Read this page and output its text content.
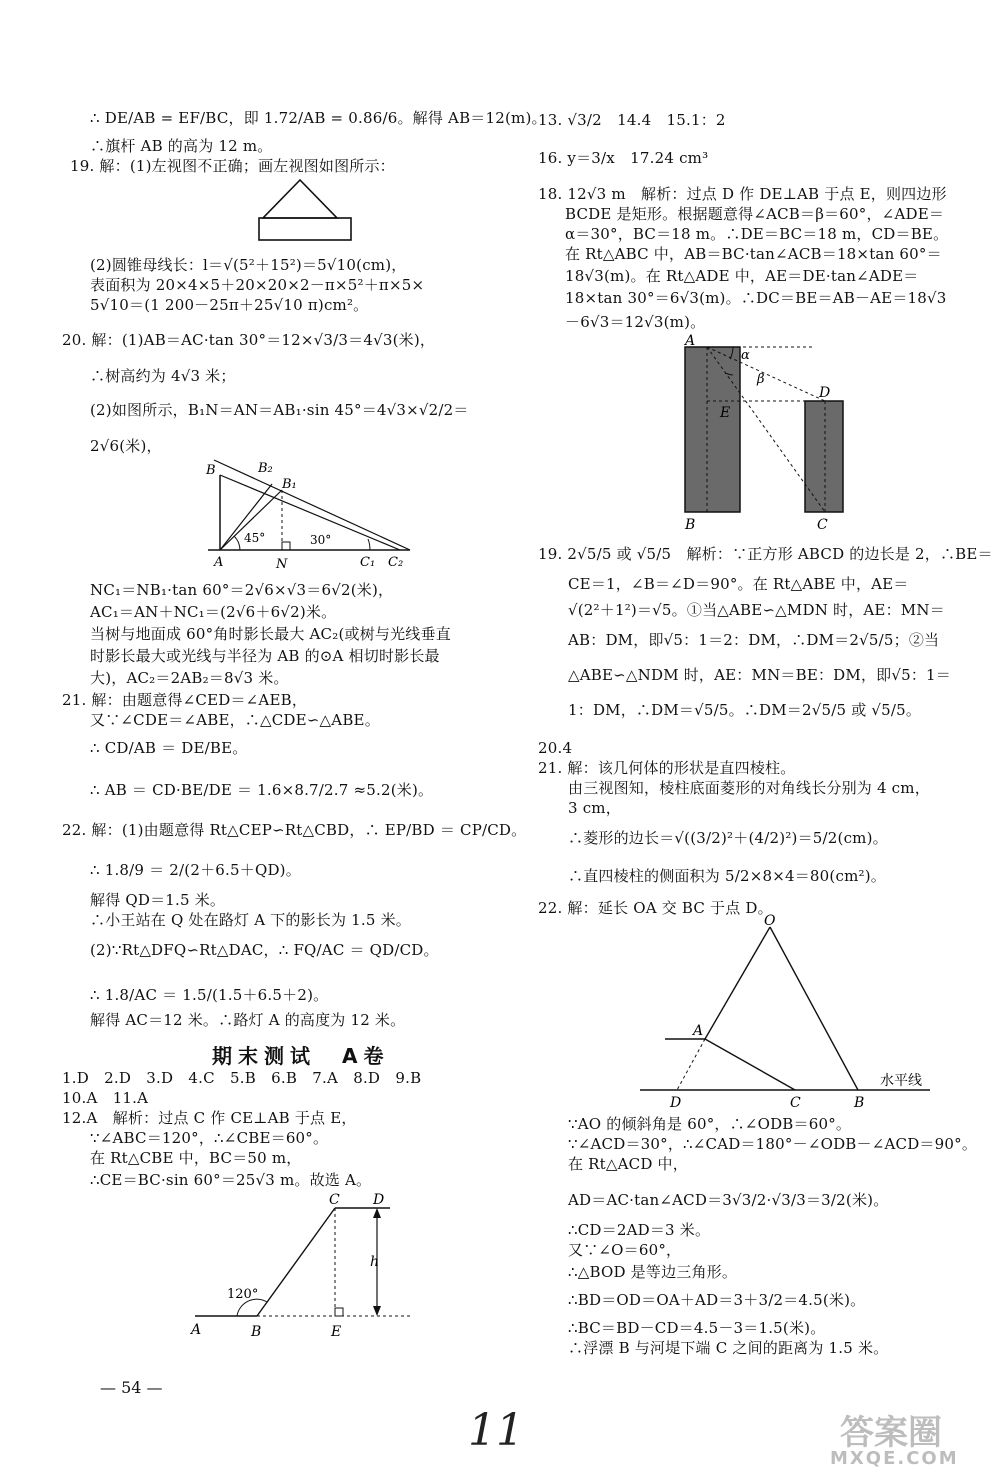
∴ DE/AB = EF/BC，即 1.72/AB = 0.86/6。解得 AB＝12(m)。
∴旗杆 AB 的高为 12 m。
19. 解：(1)左视图不正确；画左视图如图所示：
(2)圆锥母线长：l＝√(5²＋15²)＝5√10(cm)，
表面积为 20×4×5＋20×20×2－π×5²＋π×5×
5√10＝(1 200－25π＋25√10 π)cm²。
20. 解：(1)AB＝AC·tan 30°＝12×√3/3＝4√3(米)，
∴树高约为 4√3 米；
(2)如图所示，B₁N＝AN＝AB₁·sin 45°＝4√3×√2/2＝
2√6(米)，
B	B₂
B₁
A	N	C₁ C₂
45°	30°
NC₁＝NB₁·tan 60°＝2√6×√3＝6√2(米)，
AC₁＝AN＋NC₁＝(2√6＋6√2)米。
当树与地面成 60°角时影长最大 AC₂(或树与光线垂直
时影长最大或光线与半径为 AB 的⊙A 相切时影长最
大)，AC₂＝2AB₂＝8√3 米。
21. 解：由题意得∠CED＝∠AEB，
又∵∠CDE＝∠ABE，∴△CDE∽△ABE。
∴ CD/AB ＝ DE/BE。
∴ AB ＝ CD·BE/DE ＝ 1.6×8.7/2.7 ≈5.2(米)。
22. 解：(1)由题意得 Rt△CEP∽Rt△CBD，∴ EP/BD ＝ CP/CD。
∴ 1.8/9 ＝ 2/(2＋6.5＋QD)。
解得 QD＝1.5 米。
∴小王站在 Q 处在路灯 A 下的影长为 1.5 米。
(2)∵Rt△DFQ∽Rt△DAC，∴ FQ/AC ＝ QD/CD。
∴ 1.8/AC ＝ 1.5/(1.5＋6.5＋2)。
解得 AC＝12 米。∴路灯 A 的高度为 12 米。
期末测试　A卷
1.D　2.D　3.D　4.C　5.B　6.B　7.A　8.D　9.B
10.A　11.A
12.A　解析：过点 C 作 CE⊥AB 于点 E，
∵∠ABC＝120°，∴∠CBE＝60°。
在 Rt△CBE 中，BC＝50 m，
∴CE＝BC·sin 60°＝25√3 m。故选 A。
C D
h
120°
A	B	E
— 54 —
13. √3/2　14.4　15.1：2
16. y＝3/x　17.24 cm³
18. 12√3 m　解析：过点 D 作 DE⊥AB 于点 E，则四边形
BCDE 是矩形。根据题意得∠ACB＝β＝60°，∠ADE＝
α＝30°，BC＝18 m。∴DE＝BC＝18 m，CD＝BE。
在 Rt△ABC 中，AB＝BC·tan∠ACB＝18×tan 60°＝
18√3(m)。在 Rt△ADE 中，AE＝DE·tan∠ADE＝
18×tan 30°＝6√3(m)。∴DC＝BE＝AB－AE＝18√3
－6√3＝12√3(m)。
A
α
β
E
D
B	C
19. 2√5/5 或 √5/5　解析：∵正方形 ABCD 的边长是 2，∴BE＝
CE＝1，∠B＝∠D＝90°。在 Rt△ABE 中，AE＝
√(2²＋1²)＝√5。①当△ABE∽△MDN 时，AE：MN＝
AB：DM，即√5：1＝2：DM，∴DM＝2√5/5；②当
△ABE∽△NDM 时，AE：MN＝BE：DM，即√5：1＝
1：DM，∴DM＝√5/5。∴DM＝2√5/5 或 √5/5。
20.4
21. 解：该几何体的形状是直四棱柱。
由三视图知，棱柱底面菱形的对角线长分别为 4 cm，
3 cm，
∴菱形的边长＝√((3/2)²＋(4/2)²)＝5/2(cm)。
∴直四棱柱的侧面积为 5/2×8×4＝80(cm²)。
22. 解：延长 OA 交 BC 于点 D。
O
A
D	C	B
水平线
∵AO 的倾斜角是 60°，∴∠ODB＝60°。
∵∠ACD＝30°，∴∠CAD＝180°－∠ODB－∠ACD＝90°。
在 Rt△ACD 中，
AD＝AC·tan∠ACD＝3√3/2·√3/3＝3/2(米)。
∴CD＝2AD＝3 米。
又∵∠O＝60°，
∴△BOD 是等边三角形。
∴BD＝OD＝OA＋AD＝3＋3/2＝4.5(米)。
∴BC＝BD－CD＝4.5－3＝1.5(米)。
∴浮漂 B 与河堤下端 C 之间的距离为 1.5 米。
11	答案圈
MXQE.COM
